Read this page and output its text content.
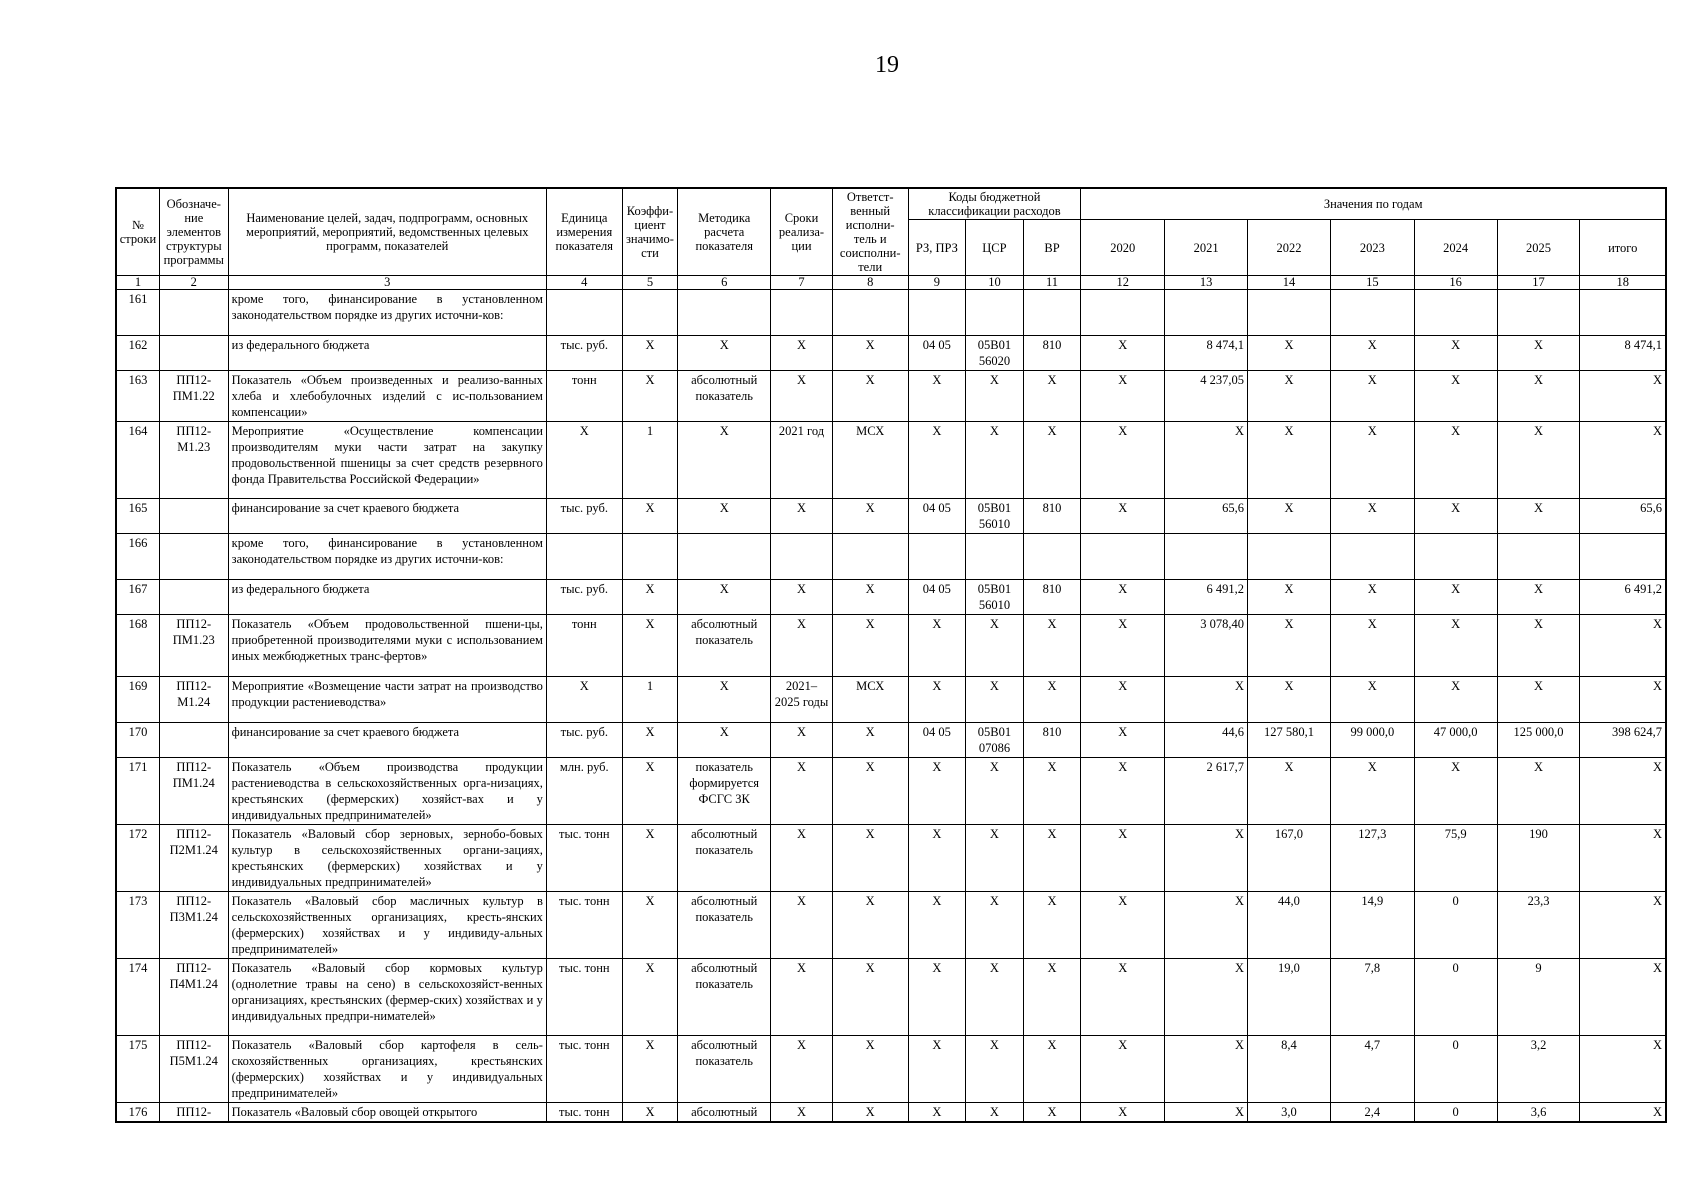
19
№ строки	Обозначе-ние элементов структуры программы	Наименование целей, задач, подпрограмм, основных мероприятий, мероприятий, ведомственных целевых программ, показателей	Единица измерения показателя	Коэффи-циент значимо-сти	Методика расчета показателя	Сроки реализа-ции	Ответст-венный исполни-тель и соисполни-тели	Коды бюджетной классификации расходов			Значения по годам						
								РЗ, ПРЗ	ЦСР	ВР	2020	2021	2022	2023	2024	2025	итого
1	2	3	4	5	6	7	8	9	10	11	12	13	14	15	16	17	18
161		кроме того, финансирование в установленном законодательством порядке из других источни-ков:															
162		из федерального бюджета	тыс. руб.	Х	Х	Х	Х	04 05	05В01 56020	810	Х	8 474,1	Х	Х	Х	Х	8 474,1
163	ПП12-ПМ1.22	Показатель «Объем произведенных и реализо-ванных хлеба и хлебобулочных изделий с ис-пользованием компенсации»	тонн	Х	абсолютный показатель	Х	Х	Х	Х	Х	Х	4 237,05	Х	Х	Х	Х	Х
164	ПП12-М1.23	Мероприятие «Осуществление компенсации производителям муки части затрат на закупку продовольственной пшеницы за счет средств резервного фонда Правительства Российской Федерации»	Х	1	Х	2021 год	МСХ	Х	Х	Х	Х	Х	Х	Х	Х	Х	Х
165		финансирование за счет краевого бюджета	тыс. руб.	Х	Х	Х	Х	04 05	05В01 56010	810	Х	65,6	Х	Х	Х	Х	65,6
166		кроме того, финансирование в установленном законодательством порядке из других источни-ков:															
167		из федерального бюджета	тыс. руб.	Х	Х	Х	Х	04 05	05В01 56010	810	Х	6 491,2	Х	Х	Х	Х	6 491,2
168	ПП12-ПМ1.23	Показатель «Объем продовольственной пшени-цы, приобретенной производителями муки с использованием иных межбюджетных транс-фертов»	тонн	Х	абсолютный показатель	Х	Х	Х	Х	Х	Х	3 078,40	Х	Х	Х	Х	Х
169	ПП12-М1.24	Мероприятие «Возмещение части затрат на производство продукции растениеводства»	Х	1	Х	2021–2025 годы	МСХ	Х	Х	Х	Х	Х	Х	Х	Х	Х	Х
170		финансирование за счет краевого бюджета	тыс. руб.	Х	Х	Х	Х	04 05	05В01 07086	810	Х	44,6	127 580,1	99 000,0	47 000,0	125 000,0	398 624,7
171	ПП12-ПМ1.24	Показатель «Объем производства продукции растениеводства в сельскохозяйственных орга-низациях, крестьянских (фермерских) хозяйст-вах и у индивидуальных предпринимателей»	млн. руб.	Х	показатель формируется ФСГС ЗК	Х	Х	Х	Х	Х	Х	2 617,7	Х	Х	Х	Х	Х
172	ПП12-П2М1.24	Показатель «Валовый сбор зерновых, зернобо-бовых культур в сельскохозяйственных органи-зациях, крестьянских (фермерских) хозяйствах и у индивидуальных предпринимателей»	тыс. тонн	Х	абсолютный показатель	Х	Х	Х	Х	Х	Х	Х	167,0	127,3	75,9	190	Х
173	ПП12-П3М1.24	Показатель «Валовый сбор масличных культур в сельскохозяйственных организациях, кресть-янских (фермерских) хозяйствах и у индивиду-альных предпринимателей»	тыс. тонн	Х	абсолютный показатель	Х	Х	Х	Х	Х	Х	Х	44,0	14,9	0	23,3	Х
174	ПП12-П4М1.24	Показатель «Валовый сбор кормовых культур (однолетние травы на сено) в сельскохозяйст-венных организациях, крестьянских (фермер-ских) хозяйствах и у индивидуальных предпри-нимателей»	тыс. тонн	Х	абсолютный показатель	Х	Х	Х	Х	Х	Х	Х	19,0	7,8	0	9	Х
175	ПП12-П5М1.24	Показатель «Валовый сбор картофеля в сель-скохозяйственных организациях, крестьянских (фермерских) хозяйствах и у индивидуальных предпринимателей»	тыс. тонн	Х	абсолютный показатель	Х	Х	Х	Х	Х	Х	Х	8,4	4,7	0	3,2	Х
176	ПП12-	Показатель «Валовый сбор овощей открытого	тыс. тонн	Х	абсолютный	Х	Х	Х	Х	Х	Х	Х	3,0	2,4	0	3,6	Х
